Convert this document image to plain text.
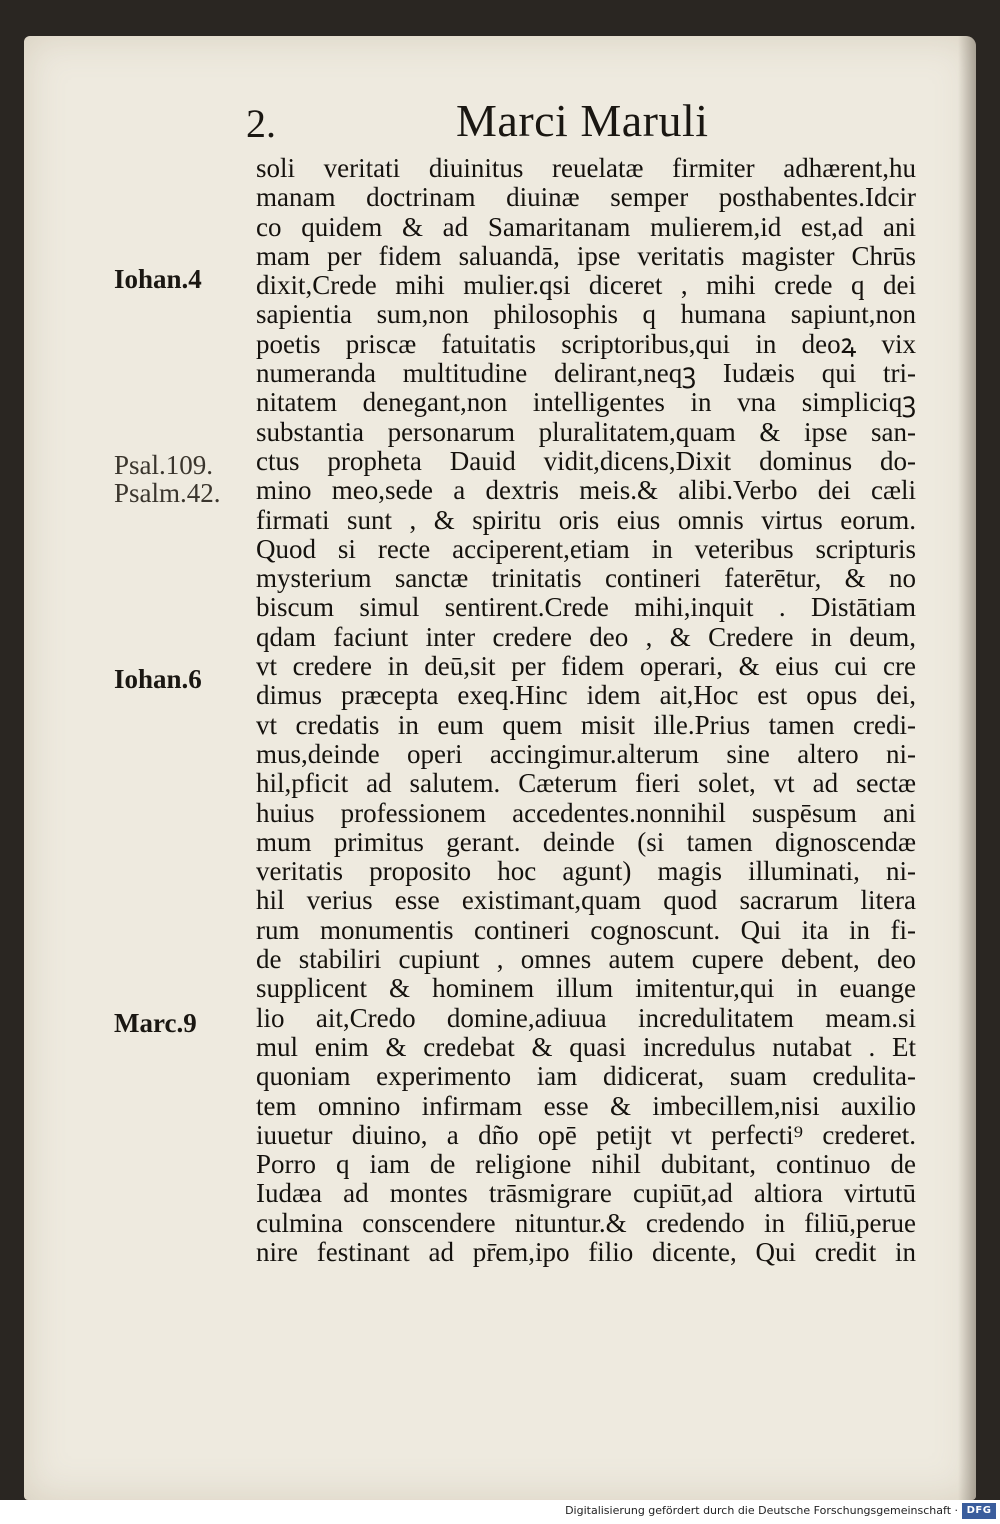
2.	Marci Maruli
Iohan.4
Psal.109.
Psalm.42.
Iohan.6
Marc.9
soli veritati diuinitus reuelatæ firmiter adhærent,hu
manam doctrinam diuinæ semper posthabentes.Idcir
co quidem & ad Samaritanam mulierem,id est,ad ani
mam per fidem saluandā, ipse veritatis magister Chrūs
dixit,Crede mihi mulier.qsi diceret , mihi crede q dei
sapientia sum,non philosophis q humana sapiunt,non
poetis priscæ fatuitatis scriptoribus,qui in deoꝝ vix
numeranda multitudine delirant,neqꝫ Iudæis qui tri-
nitatem denegant,non intelligentes in vna simpliciqꝫ
substantia personarum pluralitatem,quam & ipse san-
ctus propheta Dauid vidit,dicens,Dixit dominus do-
mino meo,sede a dextris meis.& alibi.Verbo dei cæli
firmati sunt , & spiritu oris eius omnis virtus eorum.
Quod si recte acciperent,etiam in veteribus scripturis
mysterium sanctæ trinitatis contineri faterētur, & no
biscum simul sentirent.Crede mihi,inquit . Distātiam
qdam faciunt inter credere deo , & Credere in deum,
vt credere in deū,sit per fidem operari, & eius cui cre
dimus præcepta exeq.Hinc idem ait,Hoc est opus dei,
vt credatis in eum quem misit ille.Prius tamen credi-
mus,deinde operi accingimur.alterum sine altero ni-
hil,pficit ad salutem. Cæterum fieri solet, vt ad sectæ
huius professionem accedentes.nonnihil suspēsum ani
mum primitus gerant. deinde (si tamen dignoscendæ
veritatis proposito hoc agunt) magis illuminati, ni-
hil verius esse existimant,quam quod sacrarum litera
rum monumentis contineri cognoscunt. Qui ita in fi-
de stabiliri cupiunt , omnes autem cupere debent, deo
supplicent & hominem illum imitentur,qui in euange
lio ait,Credo domine,adiuua incredulitatem meam.si
mul enim & credebat & quasi incredulus nutabat . Et
quoniam experimento iam didicerat, suam credulita-
tem omnino infirmam esse & imbecillem,nisi auxilio
iuuetur diuino, a dño opē petijt vt perfecti⁹ crederet.
Porro q iam de religione nihil dubitant, continuo de
Iudæa ad montes trāsmigrare cupiūt,ad altiora virtutū
culmina conscendere nituntur.& credendo in filiū,perue
nire festinant ad pr̄em,ipo filio dicente, Qui credit in
Digitalisierung gefördert durch die Deutsche Forschungsgemeinschaft · DFG
